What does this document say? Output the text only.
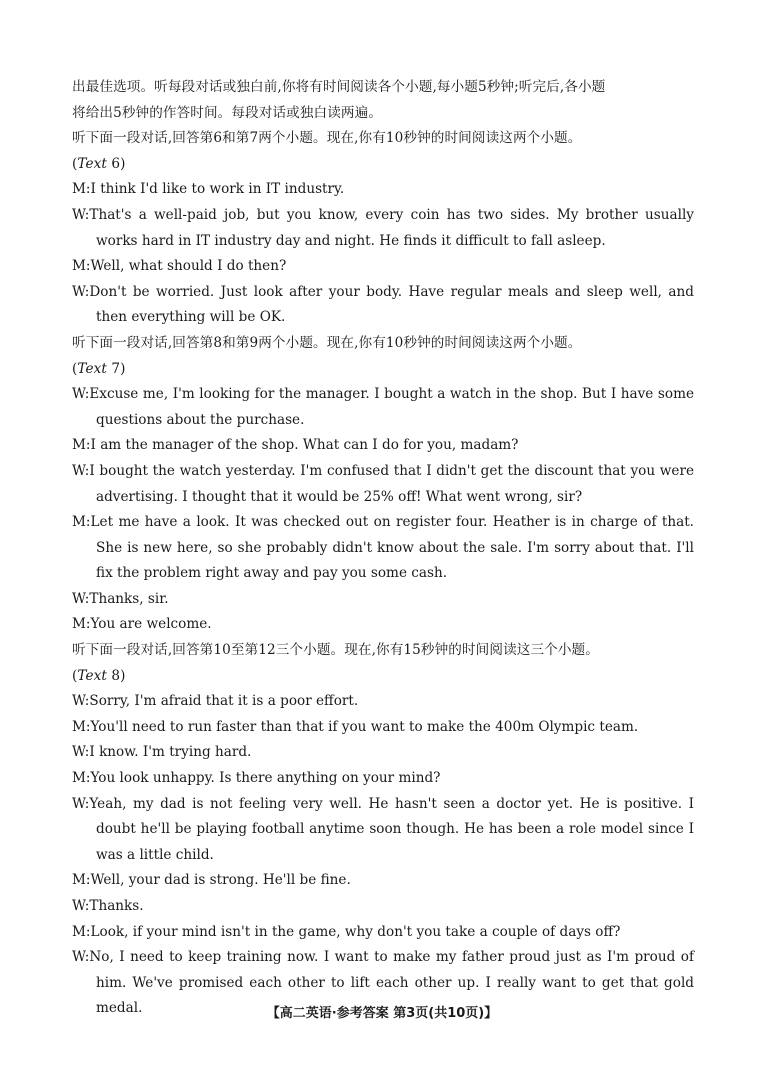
出最佳选项。听每段对话或独白前,你将有时间阅读各个小题,每小题5秒钟;听完后,各小题
将给出5秒钟的作答时间。每段对话或独白读两遍。
听下面一段对话,回答第6和第7两个小题。现在,你有10秒钟的时间阅读这两个小题。
(Text 6)
M:I think I'd like to work in IT industry.
W:That's a well-paid job, but you know, every coin has two sides. My brother usually works hard in IT industry day and night. He finds it difficult to fall asleep.
M:Well, what should I do then?
W:Don't be worried. Just look after your body. Have regular meals and sleep well, and then everything will be OK.
听下面一段对话,回答第8和第9两个小题。现在,你有10秒钟的时间阅读这两个小题。
(Text 7)
W:Excuse me, I'm looking for the manager. I bought a watch in the shop. But I have some questions about the purchase.
M:I am the manager of the shop. What can I do for you, madam?
W:I bought the watch yesterday. I'm confused that I didn't get the discount that you were advertising. I thought that it would be 25% off! What went wrong, sir?
M:Let me have a look. It was checked out on register four. Heather is in charge of that. She is new here, so she probably didn't know about the sale. I'm sorry about that. I'll fix the problem right away and pay you some cash.
W:Thanks, sir.
M:You are welcome.
听下面一段对话,回答第10至第12三个小题。现在,你有15秒钟的时间阅读这三个小题。
(Text 8)
W:Sorry, I'm afraid that it is a poor effort.
M:You'll need to run faster than that if you want to make the 400m Olympic team.
W:I know. I'm trying hard.
M:You look unhappy. Is there anything on your mind?
W:Yeah, my dad is not feeling very well. He hasn't seen a doctor yet. He is positive. I doubt he'll be playing football anytime soon though. He has been a role model since I was a little child.
M:Well, your dad is strong. He'll be fine.
W:Thanks.
M:Look, if your mind isn't in the game, why don't you take a couple of days off?
W:No, I need to keep training now. I want to make my father proud just as I'm proud of him. We've promised each other to lift each other up. I really want to get that gold medal.	【高二英语·参考答案 第3页(共10页)】
